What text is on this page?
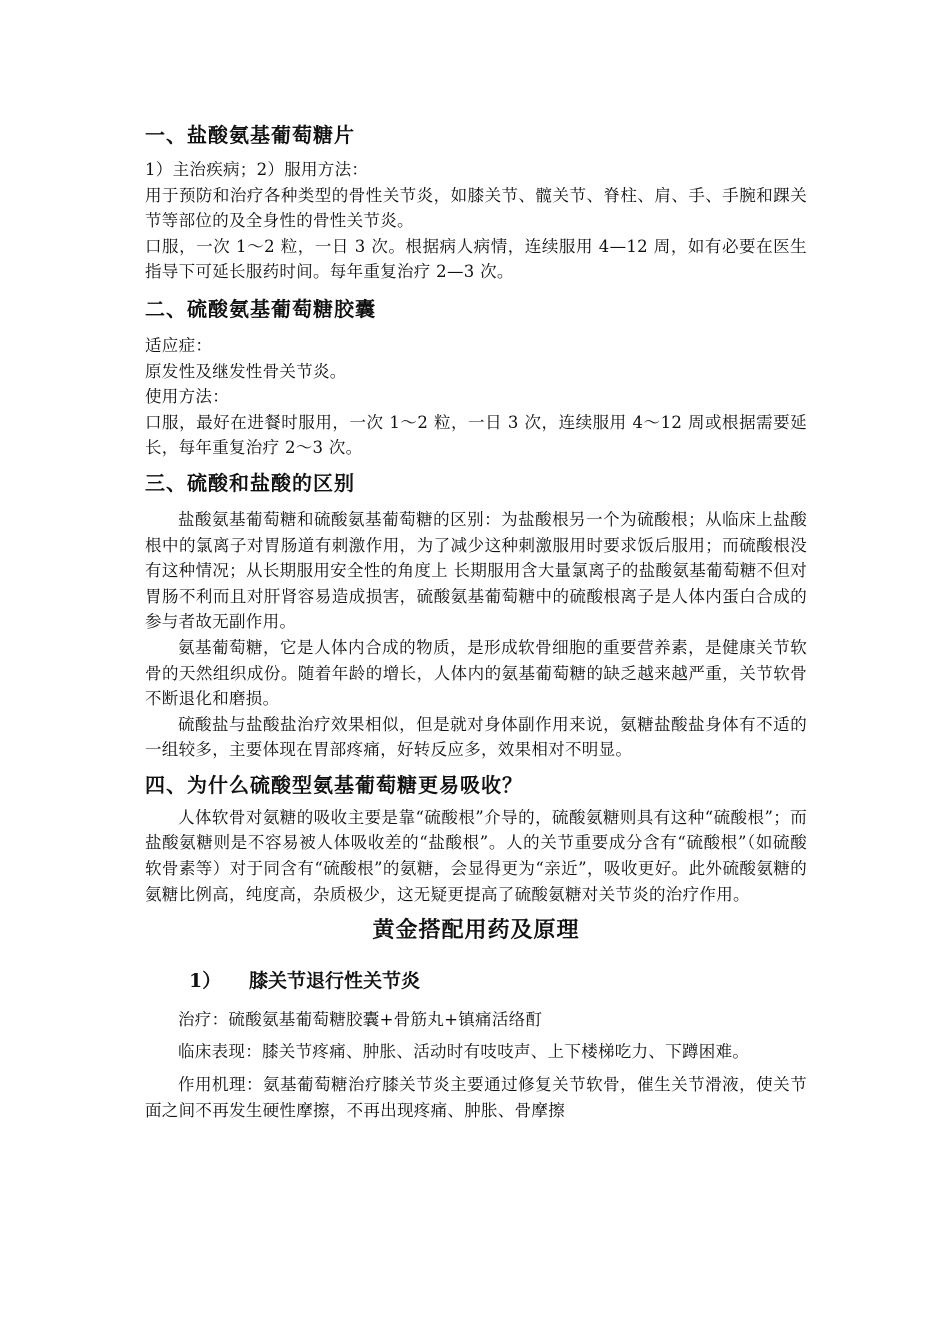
一、盐酸氨基葡萄糖片

1）主治疾病；2）服用方法：

用于预防和治疗各种类型的骨性关节炎，如膝关节、髋关节、脊柱、肩、手、手腕和踝关节等部位的及全身性的骨性关节炎。

口服，一次 1～2 粒，一日 3 次。根据病人病情，连续服用 4—12 周，如有必要在医生指导下可延长服药时间。每年重复治疗 2—3 次。

二、硫酸氨基葡萄糖胶囊

适应症：

原发性及继发性骨关节炎。

使用方法：

口服，最好在进餐时服用，一次 1～2 粒，一日 3 次，连续服用 4～12 周或根据需要延长，每年重复治疗 2～3 次。

三、硫酸和盐酸的区别

盐酸氨基葡萄糖和硫酸氨基葡萄糖的区别：为盐酸根另一个为硫酸根；从临床上盐酸根中的氯离子对胃肠道有刺激作用，为了减少这种刺激服用时要求饭后服用；而硫酸根没有这种情况；从长期服用安全性的角度上 长期服用含大量氯离子的盐酸氨基葡萄糖不但对胃肠不利而且对肝肾容易造成损害，硫酸氨基葡萄糖中的硫酸根离子是人体内蛋白合成的参与者故无副作用。

氨基葡萄糖，它是人体内合成的物质，是形成软骨细胞的重要营养素，是健康关节软骨的天然组织成份。随着年龄的增长，人体内的氨基葡萄糖的缺乏越来越严重，关节软骨不断退化和磨损。

硫酸盐与盐酸盐治疗效果相似，但是就对身体副作用来说，氨糖盐酸盐身体有不适的一组较多，主要体现在胃部疼痛，好转反应多，效果相对不明显。

四、为什么硫酸型氨基葡萄糖更易吸收？

人体软骨对氨糖的吸收主要是靠“硫酸根”介导的，硫酸氨糖则具有这种“硫酸根”；而盐酸氨糖则是不容易被人体吸收差的“盐酸根”。人的关节重要成分含有“硫酸根”（如硫酸软骨素等）对于同含有“硫酸根”的氨糖，会显得更为“亲近”，吸收更好。此外硫酸氨糖的氨糖比例高，纯度高，杂质极少，这无疑更提高了硫酸氨糖对关节炎的治疗作用。

黄金搭配用药及原理
1） 膝关节退行性关节炎

治疗：硫酸氨基葡萄糖胶囊+骨筋丸+镇痛活络酊

临床表现：膝关节疼痛、肿胀、活动时有吱吱声、上下楼梯吃力、下蹲困难。

作用机理：氨基葡萄糖治疗膝关节炎主要通过修复关节软骨，催生关节滑液，使关节面之间不再发生硬性摩擦，不再出现疼痛、肿胀、骨摩擦
